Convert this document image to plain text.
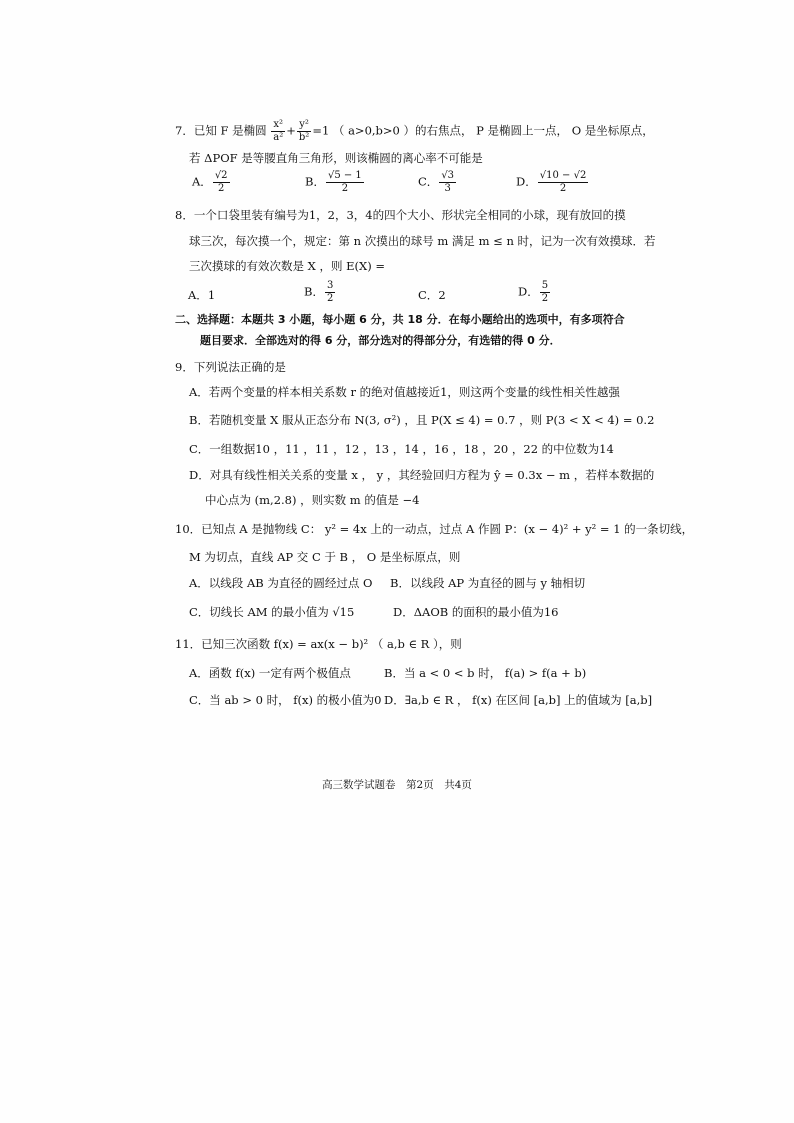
7．已知 F 是椭圆 $\frac{\text{x²}}{\text{a²}} + \frac{\text{y²}}{\text{b²}} =1$ （ a>0,b>0 ）的右焦点， P 是椭圆上一点， O 是坐标原点，
若 ΔPOF 是等腰直角三角形，则该椭圆的离心率不可能是
A． $\frac{√2}{2}$	B． $\frac{√5 - 1}{2}$	C． $\frac{√3}{3}$	D． $\frac{√10 - √2}{2}$
8．一个口袋里装有编号为1，2，3，4的四个大小、形状完全相同的小球，现有放回的摸
球三次，每次摸一个，规定：第 n 次摸出的球号 m 满足 m ≤ n 时，记为一次有效摸球．若
三次摸球的有效次数是 X ，则 E(X) =
A．1	B． $\frac{3}{2}$	C．2	D． $\frac{5}{2}$
二、选择题：本题共 3 小题，每小题 6 分，共 18 分．在每小题给出的选项中，有多项符合
题目要求．全部选对的得 6 分，部分选对的得部分分，有选错的得 0 分．
9．下列说法正确的是
A．若两个变量的样本相关系数 r 的绝对值越接近1，则这两个变量的线性相关性越强
B．若随机变量 X 服从正态分布 N(3, σ²) ，且 P(X ≤ 4) = 0.7 ，则 P(3 < X < 4) = 0.2
C．一组数据10 ，11 ，11 ，12 ，13 ，14 ，16 ，18 ，20 ，22 的中位数为14
D．对具有线性相关关系的变量 x ， y ，其经验回归方程为 ŷ = 0.3x − m ，若样本数据的
中心点为 (m,2.8) ，则实数 m 的值是 −4
10．已知点 A 是抛物线 C： y² = 4x 上的一动点，过点 A 作圆 P：(x − 4)² + y² = 1 的一条切线，
M 为切点，直线 AP 交 C 于 B ， O 是坐标原点，则
A．以线段 AB 为直径的圆经过点 O B．以线段 AP 为直径的圆与 y 轴相切
C．切线长 AM 的最小值为 √15	D．ΔAOB 的面积的最小值为16
11．已知三次函数 f(x) = ax(x − b)² （ a,b ∈ R ），则
A．函数 f(x) 一定有两个极值点	B．当 a < 0 < b 时， f(a) > f(a + b)
C．当 ab > 0 时， f(x) 的极小值为0 D．∃a,b ∈ R ， f(x) 在区间 [a,b] 上的值域为 [a,b]
高三数学试题卷　第2页　共4页
